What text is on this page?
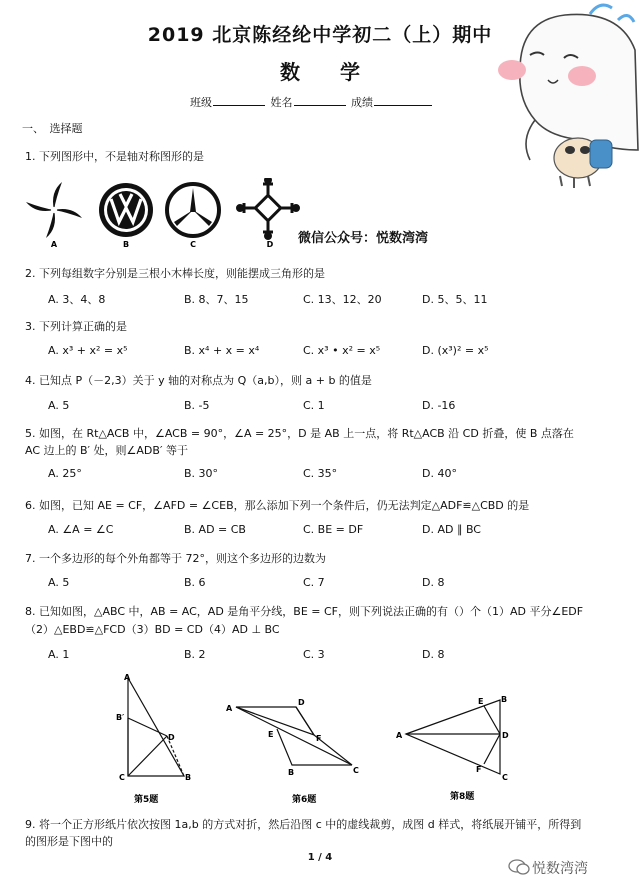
2019 北京陈经纶中学初二（上）期中
数　　学
班级	姓名	成绩
一、　选择题
1. 下列图形中，不是轴对称图形的是
A	B	C	D 微信公众号：悦数湾湾
2. 下列每组数字分别是三根小木棒长度，则能摆成三角形的是
A. 3、4、8	B. 8、7、15	C. 13、12、20	D. 5、5、11
3. 下列计算正确的是
A. x³ + x² = x⁵	B. x⁴ + x = x⁴	C. x³ • x² = x⁵	D. (x³)² = x⁵
4. 已知点 P（－2,3）关于 y 轴的对称点为 Q（a,b），则 a + b 的值是
A. 5	B. -5	C. 1	D. -16
5. 如图，在 Rt△ACB 中，∠ACB = 90°，∠A = 25°，D 是 AB 上一点，将 Rt△ACB 沿 CD 折叠，使 B 点落在
AC 边上的 B′ 处，则∠ADB′ 等于
A. 25°	B. 30°	C. 35°	D. 40°
6. 如图，已知 AE = CF，∠AFD = ∠CEB，那么添加下列一个条件后，仍无法判定△ADF≌△CBD 的是
A. ∠A = ∠C	B. AD = CB	C. BE = DF	D. AD ∥ BC
7. 一个多边形的每个外角都等于 72°，则这个多边形的边数为
A. 5	B. 6	C. 7	D. 8
8. 已知如图，△ABC 中，AB = AC，AD 是角平分线，BE = CF，则下列说法正确的有（）个（1）AD 平分∠EDF
（2）△EBD≌△FCD（3）BD = CD（4）AD ⊥ BC
A. 1	B. 2	C. 3	D. 8
A
B′
D
C	B
第5题
A
D
E	F
B	C
第6题
E B
A	D
F
C
第8题
9. 将一个正方形纸片依次按图 1a,b 的方式对折，然后沿图 c 中的虚线裁剪，成图 d 样式，将纸展开铺平，所得到
的图形是下图中的
1 / 4
悦数湾湾
